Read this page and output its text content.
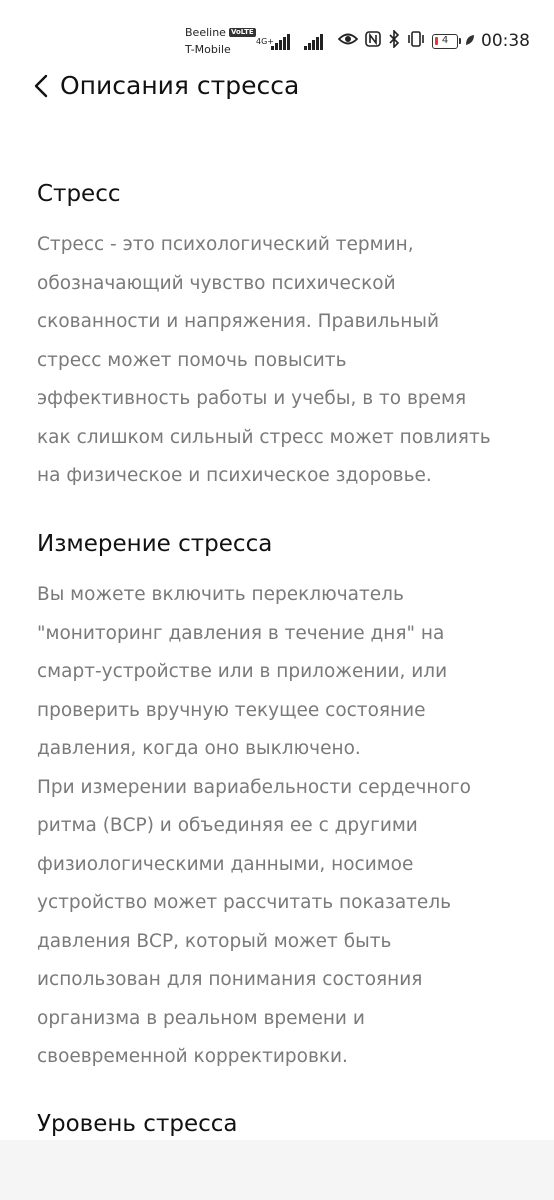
Beeline VoLTE
T-Mobile
4G+	4	00:38
Описания стресса
Стресс
Стресс - это психологический термин,
обозначающий чувство психической
скованности и напряжения. Правильный
стресс может помочь повысить
эффективность работы и учебы, в то время
как слишком сильный стресс может повлиять
на физическое и психическое здоровье.
Измерение стресса
Вы можете включить переключатель
"мониторинг давления в течение дня" на
смарт-устройстве или в приложении, или
проверить вручную текущее состояние
давления, когда оно выключено.
При измерении вариабельности сердечного
ритма (ВСР) и объединяя ее с другими
физиологическими данными, носимое
устройство может рассчитать показатель
давления ВСР, который может быть
использован для понимания состояния
организма в реальном времени и
своевременной корректировки.
Уровень стресса
